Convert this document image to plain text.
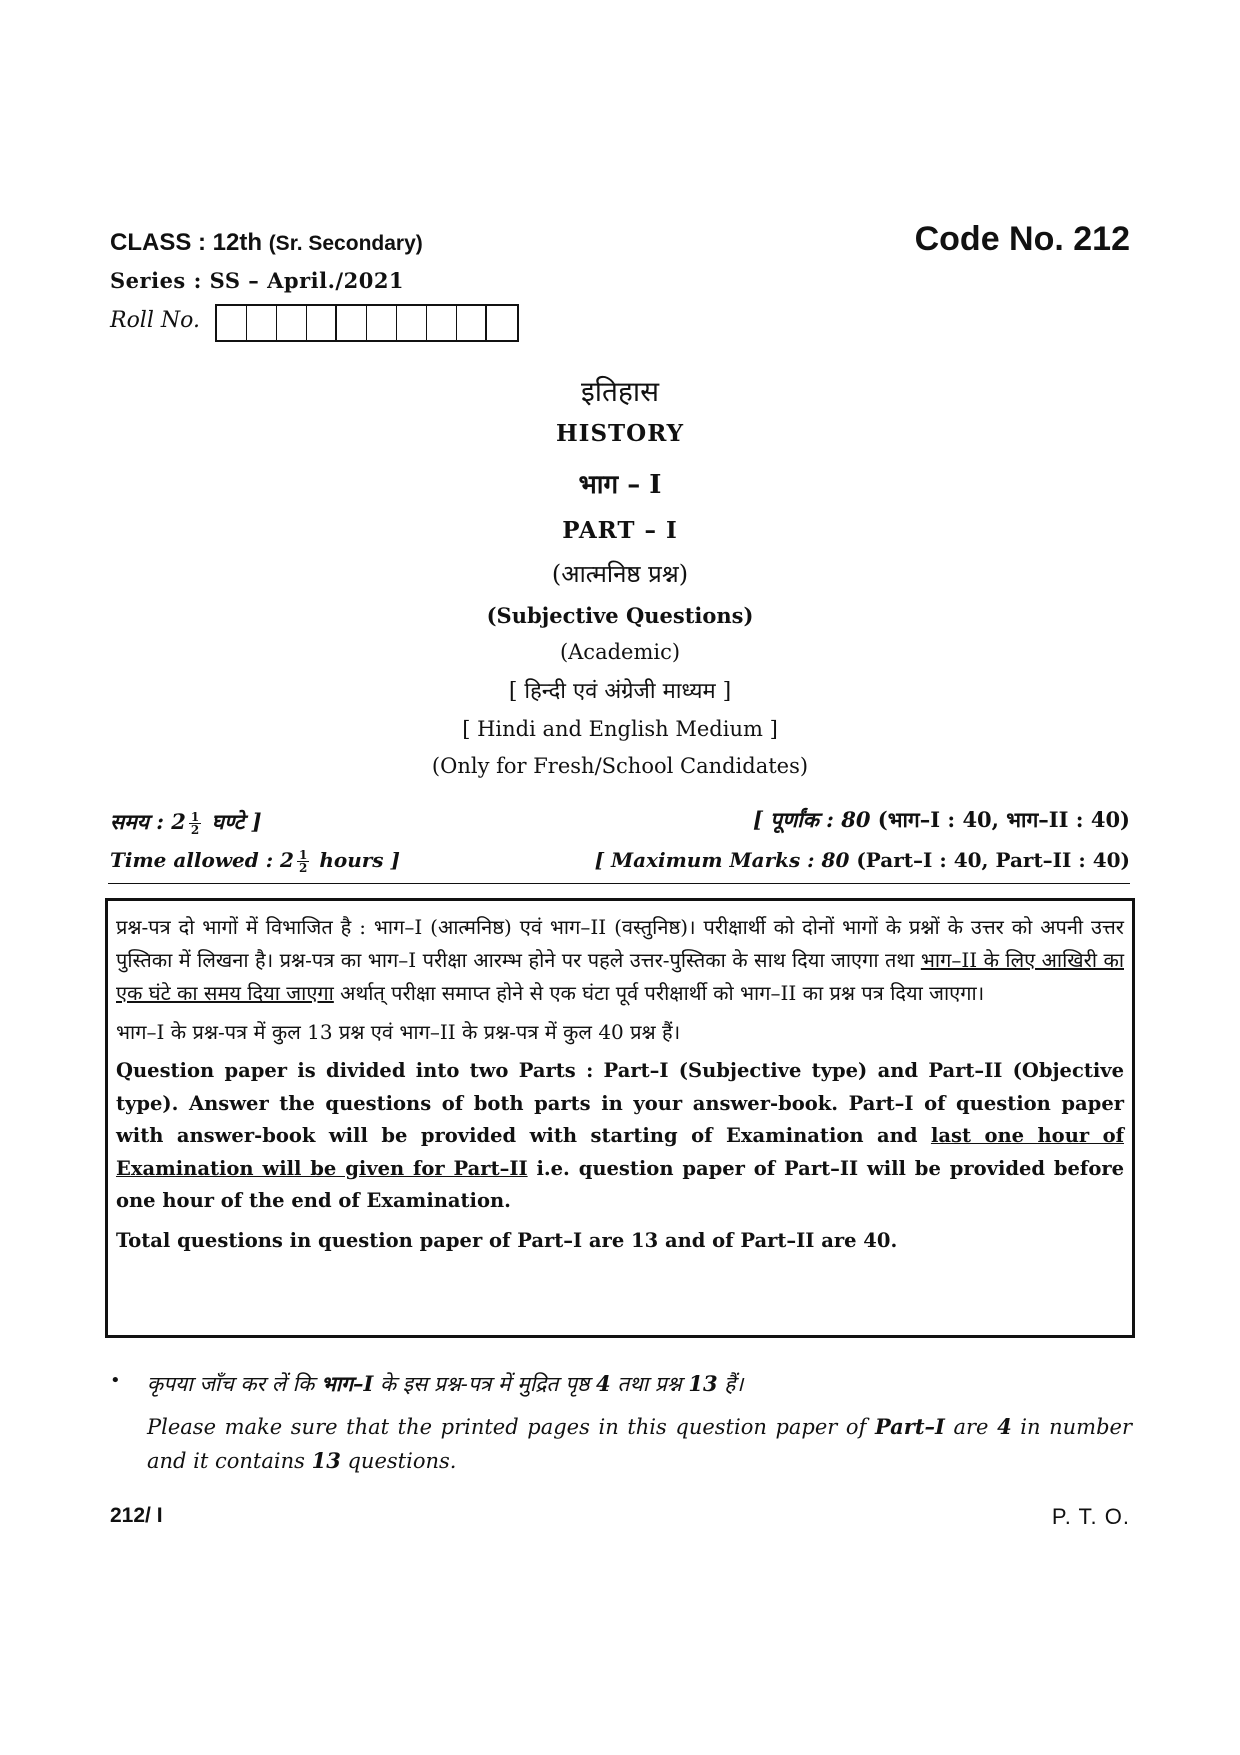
CLASS : 12th (Sr. Secondary)	Code No. 212
Series : SS – April./2021
Roll No.
इतिहास
HISTORY
भाग – I
PART – I
(आत्मनिष्ठ प्रश्न)
(Subjective Questions)
(Academic)
[ हिन्दी एवं अंग्रेजी माध्यम ]
[ Hindi and English Medium ]
(Only for Fresh/School Candidates)
समय : $2 \frac{1}{2}$ घण्टे ]
Time allowed : $2 \frac{1}{2}$ hours ]
[ पूर्णांक : 80 (भाग–I : 40, भाग–II : 40)
[ Maximum Marks : 80 (Part–I : 40, Part–II : 40)

प्रश्न-पत्र दो भागों में विभाजित है : भाग–I (आत्मनिष्ठ) एवं भाग–II (वस्तुनिष्ठ)। परीक्षार्थी को दोनों भागों के प्रश्नों के उत्तर को अपनी उत्तर पुस्तिका में लिखना है। प्रश्न-पत्र का भाग–I परीक्षा आरम्भ होने पर पहले उत्तर-पुस्तिका के साथ दिया जाएगा तथा भाग–II के लिए आखिरी का एक घंटे का समय दिया जाएगा अर्थात् परीक्षा समाप्त होने से एक घंटा पूर्व परीक्षार्थी को भाग–II का प्रश्न पत्र दिया जाएगा।

भाग–I के प्रश्न-पत्र में कुल 13 प्रश्न एवं भाग–II के प्रश्न-पत्र में कुल 40 प्रश्न हैं।

Question paper is divided into two Parts : Part–I (Subjective type) and Part–II (Objective type). Answer the questions of both parts in your answer-book. Part–I of question paper with answer-book will be provided with starting of Examination and last one hour of Examination will be given for Part–II i.e. question paper of Part–II will be provided before one hour of the end of Examination.

Total questions in question paper of Part–I are 13 and of Part–II are 40.

• कृपया जाँच कर लें कि भाग–I के इस प्रश्न-पत्र में मुद्रित पृष्ठ 4 तथा प्रश्न 13 हैं।
Please make sure that the printed pages in this question paper of Part–I are 4 in number and it contains 13 questions.
212/ I	P. T. O.
